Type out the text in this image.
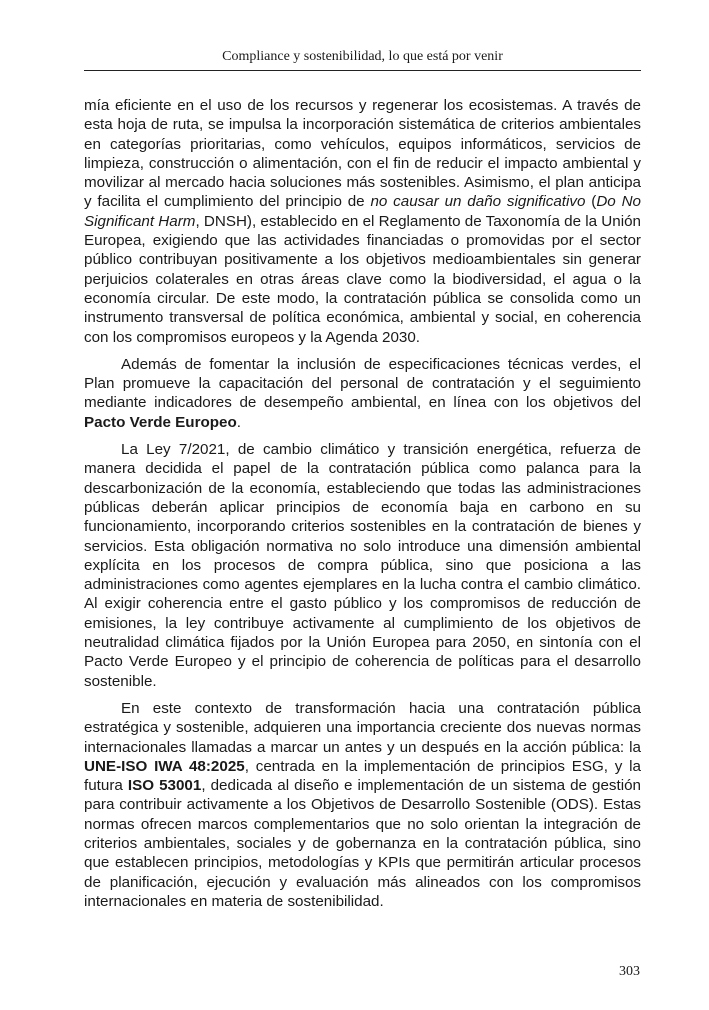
Compliance y sostenibilidad, lo que está por venir

mía eficiente en el uso de los recursos y regenerar los ecosistemas. A través de esta hoja de ruta, se impulsa la incorporación sistemática de criterios ambientales en categorías prioritarias, como vehículos, equipos informáticos, servicios de limpieza, construcción o alimentación, con el fin de reducir el impacto ambiental y movilizar al mercado hacia soluciones más sostenibles. Asimismo, el plan anticipa y facilita el cumplimiento del principio de no causar un daño significativo (Do No Significant Harm, DNSH), establecido en el Reglamento de Taxonomía de la Unión Europea, exigiendo que las actividades financiadas o promovidas por el sector público contribuyan positivamente a los objetivos medioambientales sin generar perjuicios colaterales en otras áreas clave como la biodiversidad, el agua o la economía circular. De este modo, la contratación pública se consolida como un instrumento transversal de política económica, ambiental y social, en coherencia con los compromisos europeos y la Agenda 2030.

Además de fomentar la inclusión de especificaciones técnicas verdes, el Plan promueve la capacitación del personal de contratación y el seguimiento mediante indicadores de desempeño ambiental, en línea con los objetivos del Pacto Verde Europeo.

La Ley 7/2021, de cambio climático y transición energética, refuerza de manera decidida el papel de la contratación pública como palanca para la descarbonización de la economía, estableciendo que todas las administraciones públicas deberán aplicar principios de economía baja en carbono en su funcionamiento, incorporando criterios sostenibles en la contratación de bienes y servicios. Esta obligación normativa no solo introduce una dimensión ambiental explícita en los procesos de compra pública, sino que posiciona a las administraciones como agentes ejemplares en la lucha contra el cambio climático. Al exigir coherencia entre el gasto público y los compromisos de reducción de emisiones, la ley contribuye activamente al cumplimiento de los objetivos de neutralidad climática fijados por la Unión Europea para 2050, en sintonía con el Pacto Verde Europeo y el principio de coherencia de políticas para el desarrollo sostenible.

En este contexto de transformación hacia una contratación pública estratégica y sostenible, adquieren una importancia creciente dos nuevas normas internacionales llamadas a marcar un antes y un después en la acción pública: la UNE-ISO IWA 48:2025, centrada en la implementación de principios ESG, y la futura ISO 53001, dedicada al diseño e implementación de un sistema de gestión para contribuir activamente a los Objetivos de Desarrollo Sostenible (ODS). Estas normas ofrecen marcos complementarios que no solo orientan la integración de criterios ambientales, sociales y de gobernanza en la contratación pública, sino que establecen principios, metodologías y KPIs que permitirán articular procesos de planificación, ejecución y evaluación más alineados con los compromisos internacionales en materia de sostenibilidad.

303
